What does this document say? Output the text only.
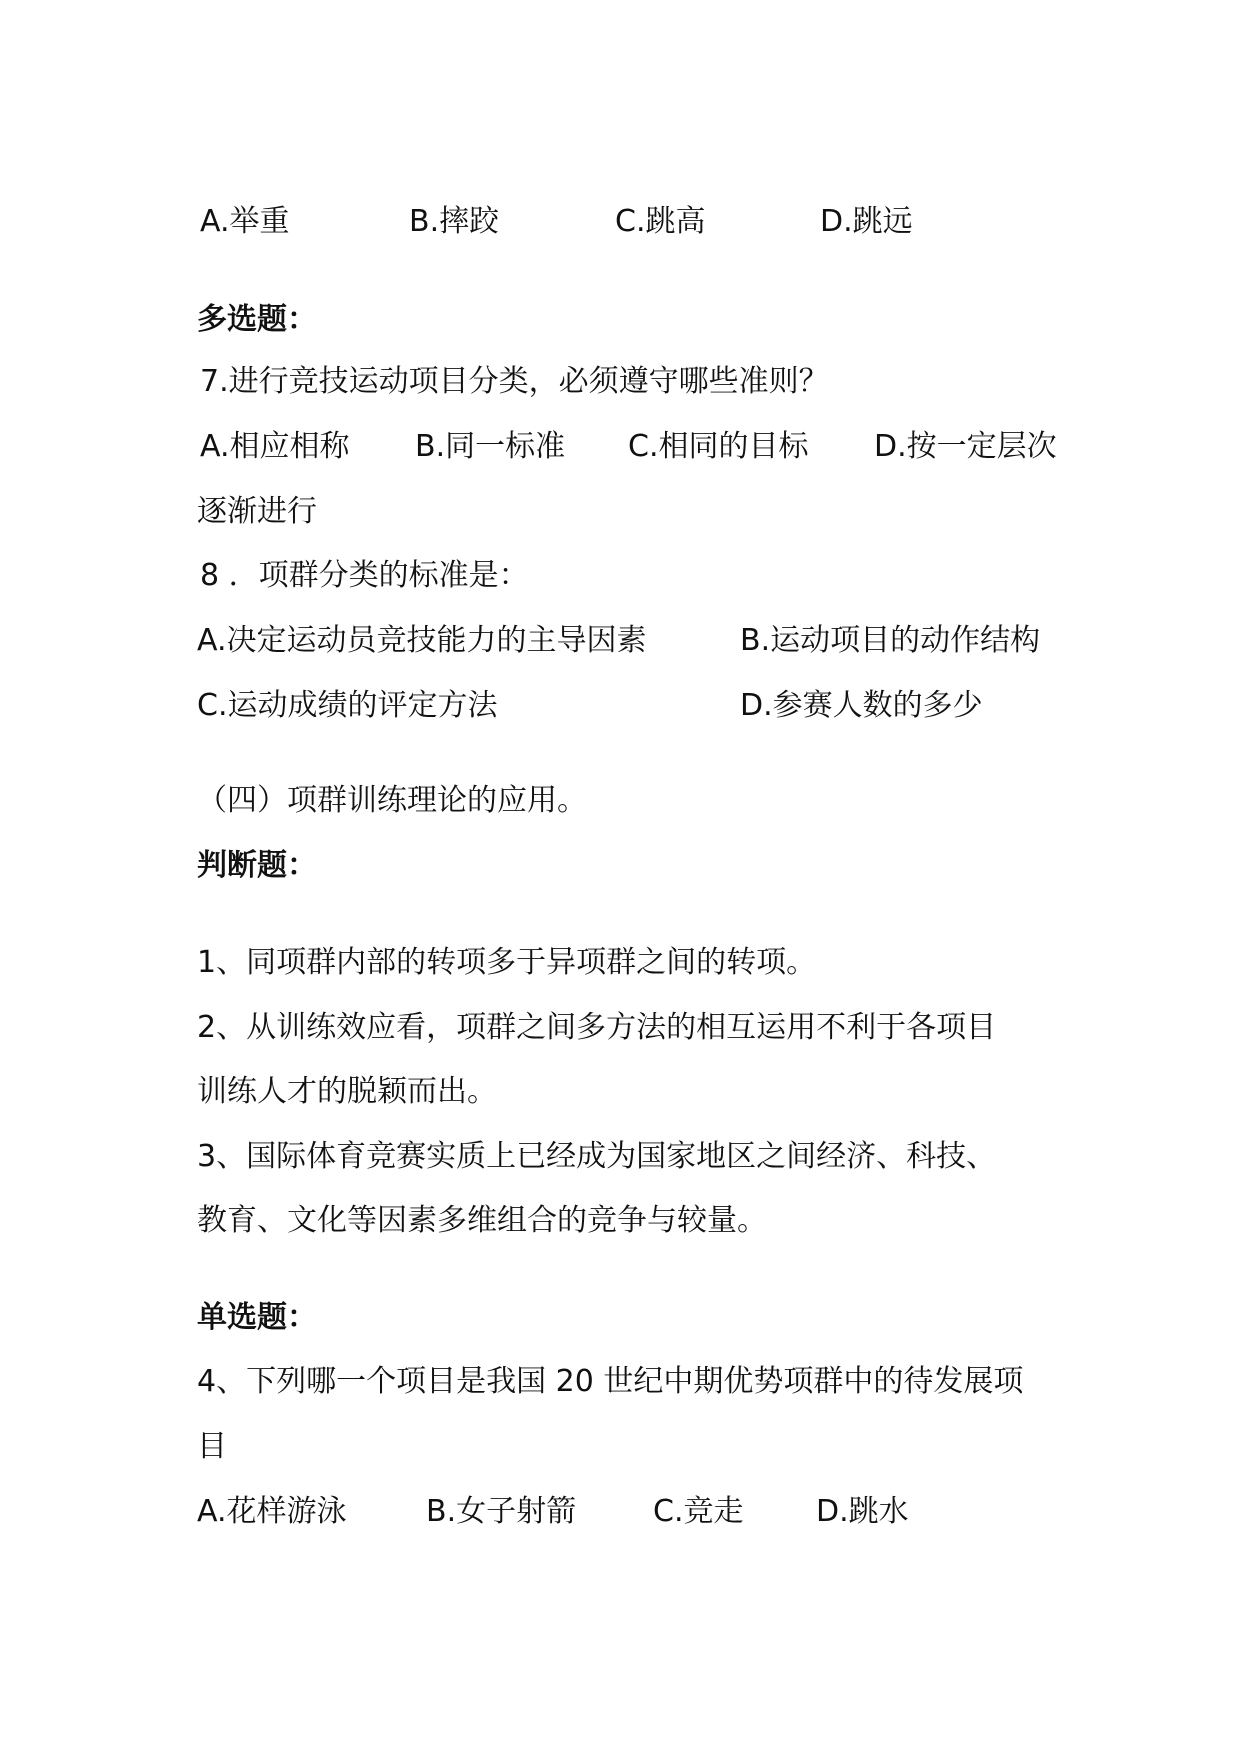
A.举重	B.摔跤	C.跳高	D.跳远
多选题：
7.进行竞技运动项目分类，必须遵守哪些准则？
A.相应相称 B.同一标准 C.相同的目标 D.按一定层次
逐渐进行
8 ．项群分类的标准是：
A.决定运动员竞技能力的主导因素	B.运动项目的动作结构
C.运动成绩的评定方法	D.参赛人数的多少
（四）项群训练理论的应用。
判断题：
1、同项群内部的转项多于异项群之间的转项。
2、从训练效应看，项群之间多方法的相互运用不利于各项目
训练人才的脱颖而出。
3、国际体育竞赛实质上已经成为国家地区之间经济、科技、
教育、文化等因素多维组合的竞争与较量。
单选题：
4、下列哪一个项目是我国 20 世纪中期优势项群中的待发展项
目
A.花样游泳	B.女子射箭	C.竞走 D.跳水
